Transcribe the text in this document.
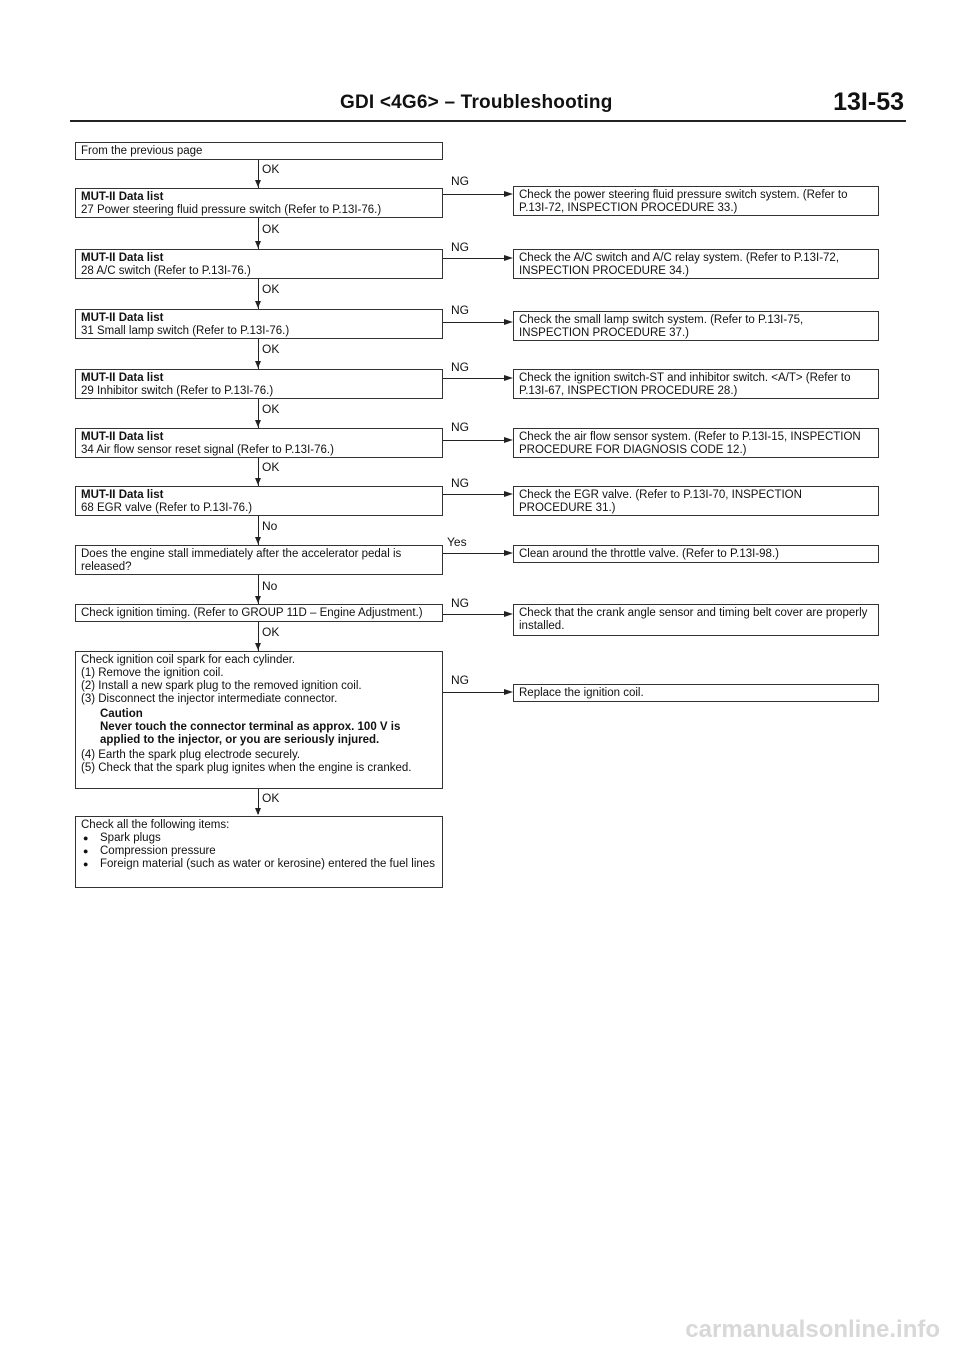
GDI <4G6> – Troubleshooting	13I-53
From the previous page
OK
MUT-II Data list
27 Power steering fluid pressure switch (Refer to P.13I-76.)
NG
Check the power steering fluid pressure switch system. (Refer to P.13I-72, INSPECTION PROCEDURE 33.)
OK
MUT-II Data list
28 A/C switch (Refer to P.13I-76.)
NG
Check the A/C switch and A/C relay system. (Refer to P.13I-72, INSPECTION PROCEDURE 34.)
OK
MUT-II Data list
31 Small lamp switch (Refer to P.13I-76.)
NG
Check the small lamp switch system. (Refer to P.13I-75, INSPECTION PROCEDURE 37.)
OK
MUT-II Data list
29 Inhibitor switch (Refer to P.13I-76.)
NG
Check the ignition switch-ST and inhibitor switch. <A/T> (Refer to P.13I-67, INSPECTION PROCEDURE 28.)
OK
MUT-II Data list
34 Air flow sensor reset signal (Refer to P.13I-76.)
NG
Check the air flow sensor system. (Refer to P.13I-15, INSPECTION PROCEDURE FOR DIAGNOSIS CODE 12.)
OK
MUT-II Data list
68 EGR valve (Refer to P.13I-76.)
NG
Check the EGR valve. (Refer to P.13I-70, INSPECTION PROCEDURE 31.)
No
Does the engine stall immediately after the accelerator pedal is released?
Yes
Clean around the throttle valve. (Refer to P.13I-98.)
No
Check ignition timing. (Refer to GROUP 11D – Engine Adjustment.)
NG
Check that the crank angle sensor and timing belt cover are properly installed.
OK
Check ignition coil spark for each cylinder.
(1) Remove the ignition coil.
(2) Install a new spark plug to the removed ignition coil.
(3) Disconnect the injector intermediate connector.
Caution
Never touch the connector terminal as approx. 100 V is applied to the injector, or you are seriously injured.
(4) Earth the spark plug electrode securely.
(5) Check that the spark plug ignites when the engine is cranked.
NG
Replace the ignition coil.
OK
Check all the following items:
● Spark plugs
● Compression pressure
● Foreign material (such as water or kerosine) entered the fuel lines
carmanualsonline.info
